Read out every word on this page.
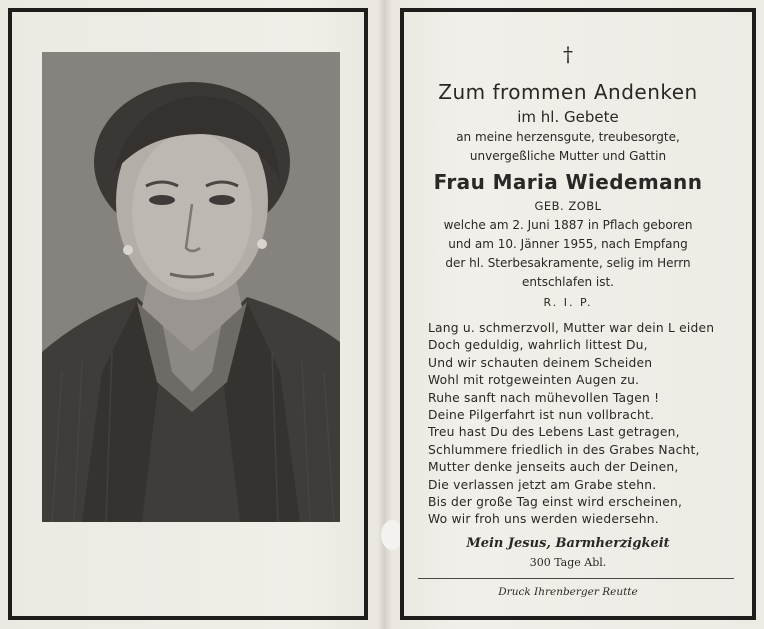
†
Zum frommen Andenken
im hl. Gebete
an meine herzensgute, treubesorgte,
unvergeßliche Mutter und Gattin
Frau Maria Wiedemann
GEB. ZOBL
welche am 2. Juni 1887 in Pflach geboren
und am 10. Jänner 1955, nach Empfang
der hl. Sterbesakramente, selig im Herrn
entschlafen ist.
R. I. P.
Lang u. schmerzvoll, Mutter war dein L eiden
Doch geduldig, wahrlich littest Du,
Und wir schauten deinem Scheiden
Wohl mit rotgeweinten Augen zu.
Ruhe sanft nach mühevollen Tagen !
Deine Pilgerfahrt ist nun vollbracht.
Treu hast Du des Lebens Last getragen,
Schlummere friedlich in des Grabes Nacht,
Mutter denke jenseits auch der Deinen,
Die verlassen jetzt am Grabe stehn.
Bis der große Tag einst wird erscheinen,
Wo wir froh uns werden wiedersehn.
Mein Jesus, Barmherzigkeit
300 Tage Abl.
Druck Ihrenberger Reutte
